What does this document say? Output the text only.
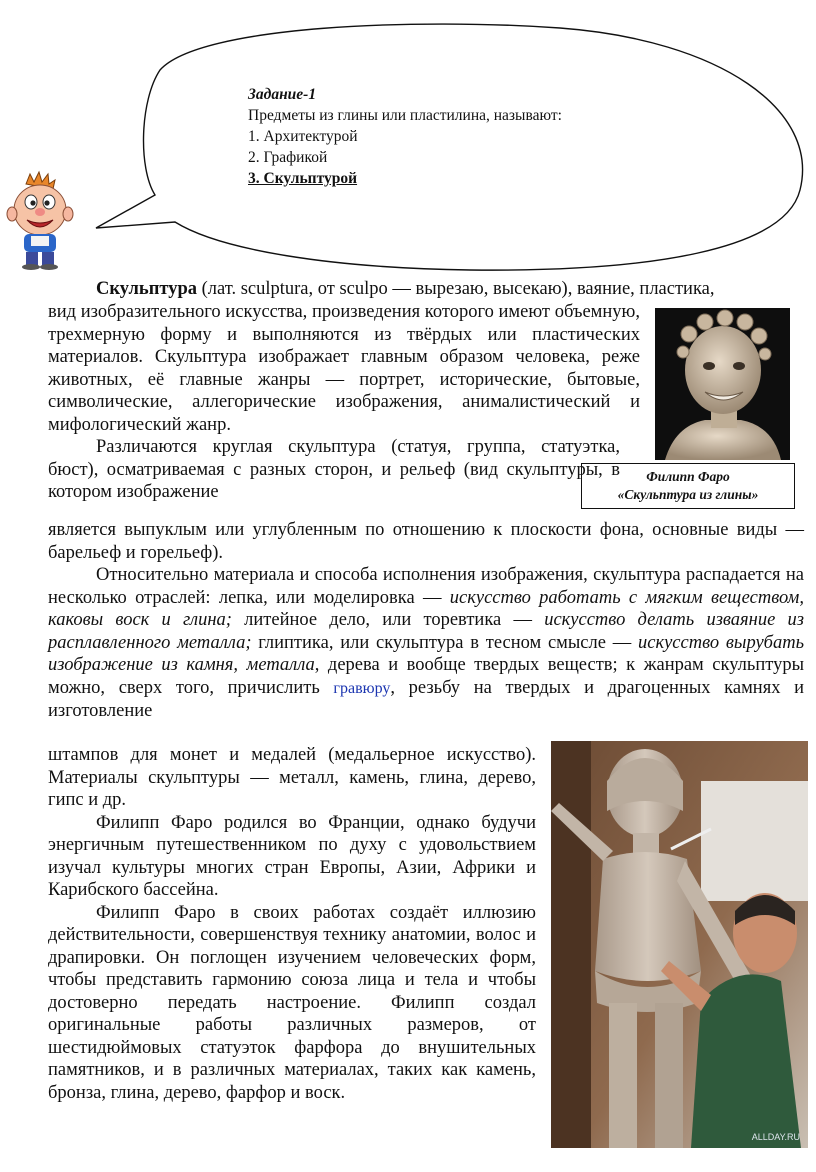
Задание-1
Предметы из глины или пластилина, называют:
1. Архитектурой
2. Графикой
3. Скульптурой

Скульптура (лат. sculptura, от sculpo — вырезаю, высекаю), ваяние, пластика,

вид изобразительного искусства, произведения которого имеют объемную, трехмерную форму и выполняются из твёрдых или пластических материалов. Скульптура изображает главным образом человека, реже животных, её главные жанры — портрет, исторические, бытовые, символические, аллегорические изображения, анималистический и мифологический жанр.

Различаются круглая скульптура (статуя, группа, статуэтка, бюст), осматриваемая с разных сторон, и рельеф (вид скульптуры, в котором изображение

является выпуклым или углубленным по отношению к плоскости фона, основные виды — барельеф и горельеф).

Относительно материала и способа исполнения изображения, скульптура распадается на несколько отраслей: лепка, или моделировка — искусство работать с мягким веществом, каковы воск и глина; литейное дело, или торевтика — искусство делать изваяние из расплавленного металла; глиптика, или скульптура в тесном смысле — искусство вырубать изображение из камня, металла, дерева и вообще твердых веществ; к жанрам скульптуры можно, сверх того, причислить гравюру, резьбу на твердых и драгоценных камнях и изготовление

штампов для монет и медалей (медальерное искусство). Материалы скульптуры — металл, камень, глина, дерево, гипс и др.

Филипп Фаро родился во Франции, однако будучи энергичным путешественником по духу с удовольствием изучал культуры многих стран Европы, Азии, Африки и Карибского бассейна.

Филипп Фаро в своих работах создаёт иллюзию действительности, совершенствуя технику анатомии, волос и драпировки. Он поглощен изучением человеческих форм, чтобы представить гармонию союза лица и тела и чтобы достоверно передать настроение. Филипп создал оригинальные работы различных размеров, от шестидюймовых статуэток фарфора до внушительных памятников, и в различных материалах, таких как камень, бронза, глина, дерево, фарфор и воск.

Филипп Фаро
«Скульптура из глины»
ALLDAY.RU
